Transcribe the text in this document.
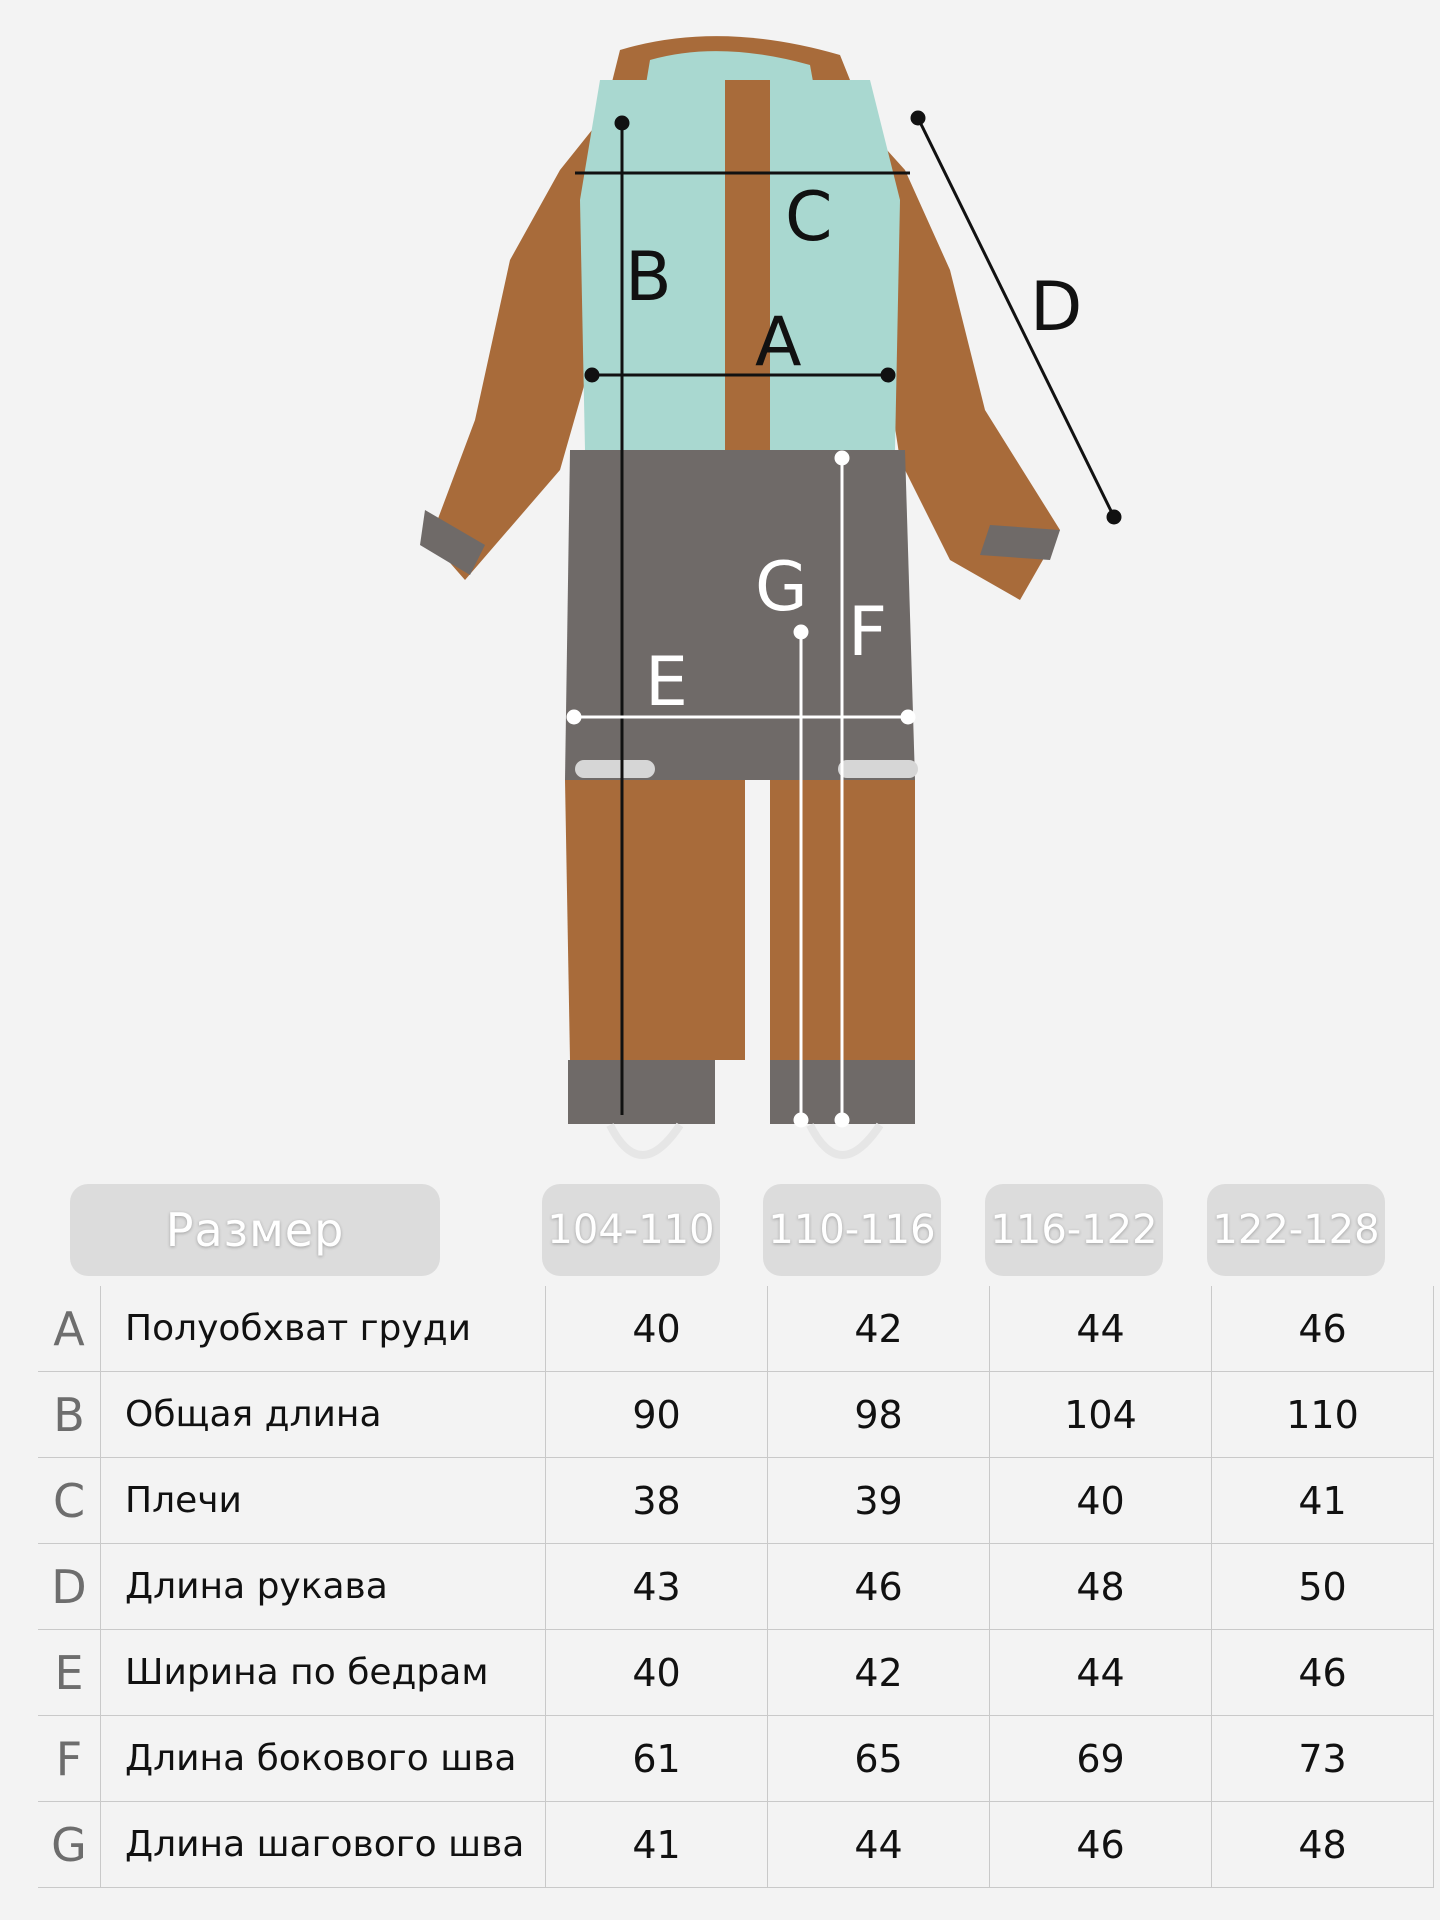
B
C
A	D
G
F
E
Размер	104-110 110-116 116-122 122-128
A	Полуобхват груди	40	42	44	46
B	Общая длина	90	98	104	110
C	Плечи	38	39	40	41
D	Длина рукава	43	46	48	50
E	Ширина по бедрам	40	42	44	46
F	Длина бокового шва	61	65	69	73
G	Длина шагового шва	41	44	46	48
